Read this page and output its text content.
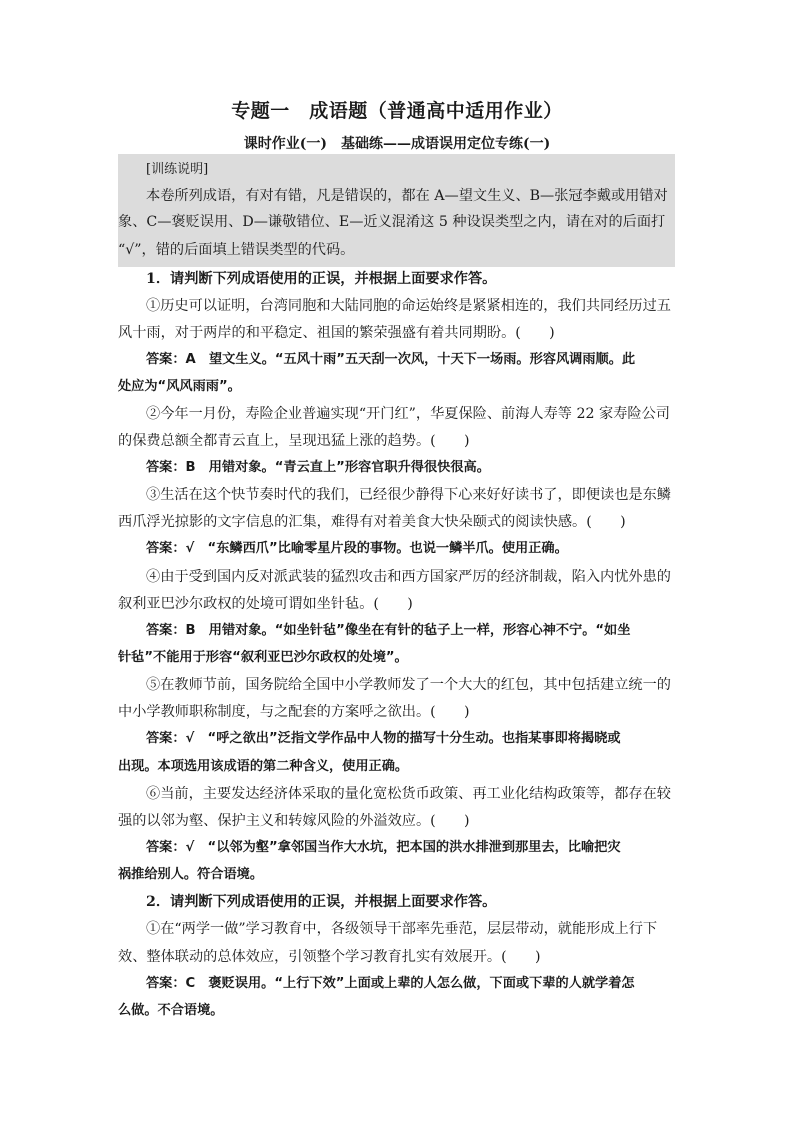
专题一　成语题（普通高中适用作业）
课时作业(一)　基础练——成语误用定位专练(一)
[训练说明]
本卷所列成语，有对有错，凡是错误的，都在 A—望文生义、B—张冠李戴或用错对
象、C—褒贬误用、D—谦敬错位、E—近义混淆这 5 种设误类型之内，请在对的后面打
“√”，错的后面填上错误类型的代码。
1．请判断下列成语使用的正误，并根据上面要求作答。
①历史可以证明，台湾同胞和大陆同胞的命运始终是紧紧相连的，我们共同经历过五
风十雨，对于两岸的和平稳定、祖国的繁荣强盛有着共同期盼。(　　)
答案：A　望文生义。“五风十雨”五天刮一次风，十天下一场雨。形容风调雨顺。此
处应为“风风雨雨”。
②今年一月份，寿险企业普遍实现“开门红”，华夏保险、前海人寿等 22 家寿险公司
的保费总额全都青云直上，呈现迅猛上涨的趋势。(　　)
答案：B　用错对象。“青云直上”形容官职升得很快很高。
③生活在这个快节奏时代的我们，已经很少静得下心来好好读书了，即便读也是东鳞
西爪浮光掠影的文字信息的汇集，难得有对着美食大快朵颐式的阅读快感。(　　)
答案：√　“东鳞西爪”比喻零星片段的事物。也说一鳞半爪。使用正确。
④由于受到国内反对派武装的猛烈攻击和西方国家严厉的经济制裁，陷入内忧外患的
叙利亚巴沙尔政权的处境可谓如坐针毡。(　　)
答案：B　用错对象。“如坐针毡”像坐在有针的毡子上一样，形容心神不宁。“如坐
针毡”不能用于形容“叙利亚巴沙尔政权的处境”。
⑤在教师节前，国务院给全国中小学教师发了一个大大的红包，其中包括建立统一的
中小学教师职称制度，与之配套的方案呼之欲出。(　　)
答案：√　“呼之欲出”泛指文学作品中人物的描写十分生动。也指某事即将揭晓或
出现。本项选用该成语的第二种含义，使用正确。
⑥当前，主要发达经济体采取的量化宽松货币政策、再工业化结构政策等，都存在较
强的以邻为壑、保护主义和转嫁风险的外溢效应。(　　)
答案：√　“以邻为壑”拿邻国当作大水坑，把本国的洪水排泄到那里去，比喻把灾
祸推给别人。符合语境。
2．请判断下列成语使用的正误，并根据上面要求作答。
①在“两学一做”学习教育中，各级领导干部率先垂范，层层带动，就能形成上行下
效、整体联动的总体效应，引领整个学习教育扎实有效展开。(　　)
答案：C　褒贬误用。“上行下效”上面或上辈的人怎么做，下面或下辈的人就学着怎
么做。不合语境。
